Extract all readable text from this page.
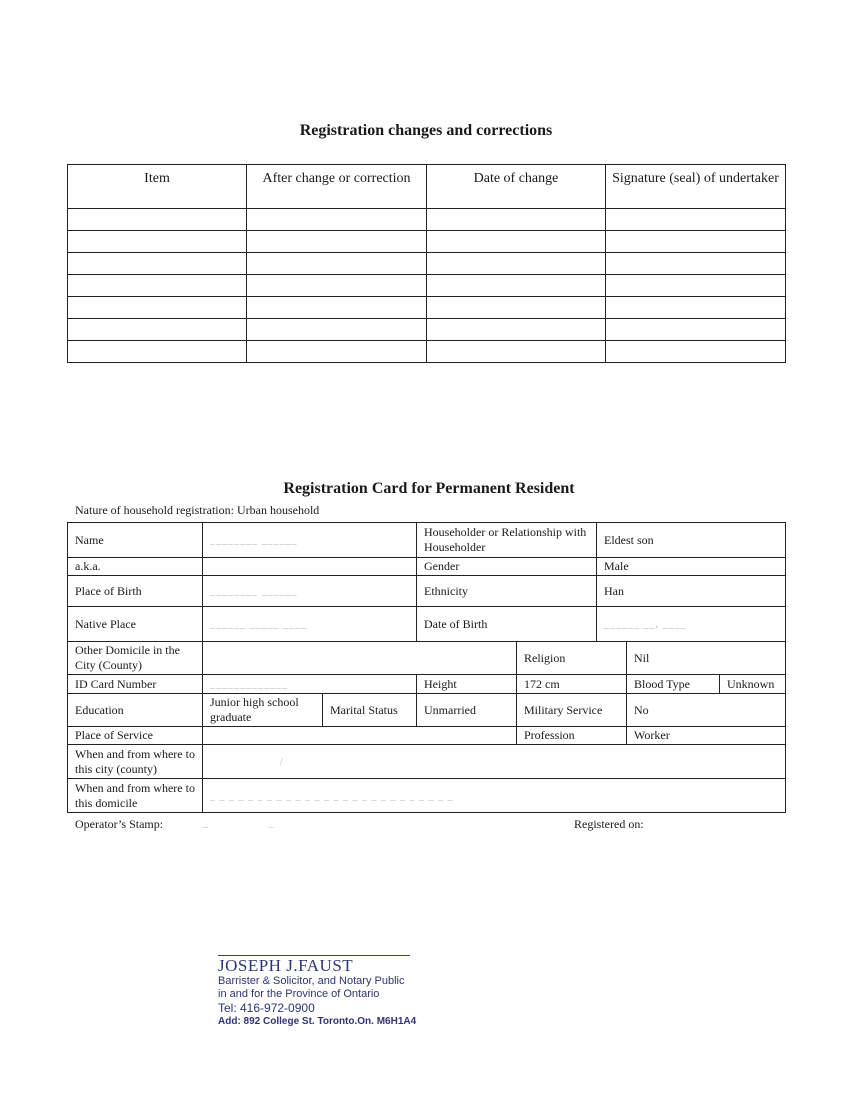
Registration changes and corrections
Item	After change or correction	Date of change	Signature (seal) of undertaker

Registration Card for Permanent Resident
Nature of household registration: Urban household
Name	________ ______		Householder or Relationship with Householder		Eldest son		
a.k.a.			Gender		Male		
Place of Birth	________ ______		Ethnicity		Han		
Native Place	______ _____ ____		Date of Birth		______ __, ____		
Other Domicile in the City (County)				Religion		Nil	
ID Card Number	_____________		Height	172 cm		Blood Type	Unknown
Education	Junior high school graduate	Marital Status	Unmarried	Military Service		No	
Place of Service				Profession		Worker	
When and from where to this city (county)	/						
When and from where to this domicile	_ _ _ _ _ _ _ _ _ _ _ _ _ _ _ _ _ _ _ _ _ _ _ _ _ _						
Operator’s Stamp:	_                 _	Registered on:
JOSEPH J.FAUST
Barrister & Solicitor, and Notary Public
in and for the Province of Ontario
Tel: 416-972-0900
Add: 892 College St. Toronto.On. M6H1A4
